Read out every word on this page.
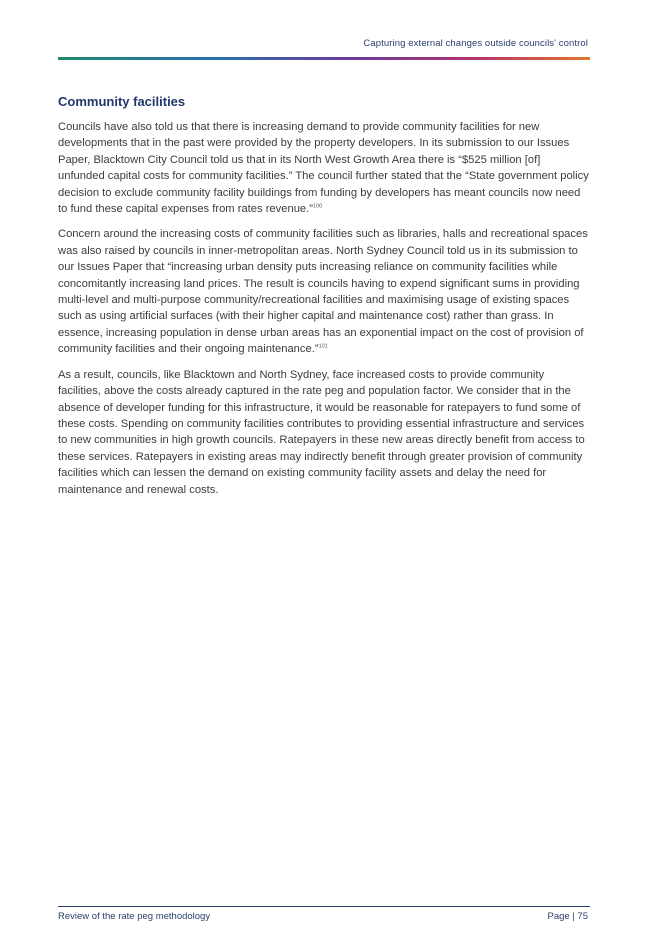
Capturing external changes outside councils' control
Community facilities

Councils have also told us that there is increasing demand to provide community facilities for new developments that in the past were provided by the property developers. In its submission to our Issues Paper, Blacktown City Council told us that in its North West Growth Area there is “$525 million [of] unfunded capital costs for community facilities.” The council further stated that the “State government policy decision to exclude community facility buildings from funding by developers has meant councils now need to fund these capital expenses from rates revenue.”$^{100}$

Concern around the increasing costs of community facilities such as libraries, halls and recreational spaces was also raised by councils in inner-metropolitan areas. North Sydney Council told us in its submission to our Issues Paper that “increasing urban density puts increasing reliance on community facilities while concomitantly increasing land prices. The result is councils having to expend significant sums in providing multi-level and multi-purpose community/recreational facilities and maximising usage of existing spaces such as using artificial surfaces (with their higher capital and maintenance cost) rather than grass. In essence, increasing population in dense urban areas has an exponential impact on the cost of provision of community facilities and their ongoing maintenance.”$^{101}$

As a result, councils, like Blacktown and North Sydney, face increased costs to provide community facilities, above the costs already captured in the rate peg and population factor. We consider that in the absence of developer funding for this infrastructure, it would be reasonable for ratepayers to fund some of these costs. Spending on community facilities contributes to providing essential infrastructure and services to new communities in high growth councils. Ratepayers in these new areas directly benefit from access to these services. Ratepayers in existing areas may indirectly benefit through greater provision of community facilities which can lessen the demand on existing community facility assets and delay the need for maintenance and renewal costs.

Review of the rate peg methodology	Page | 75
